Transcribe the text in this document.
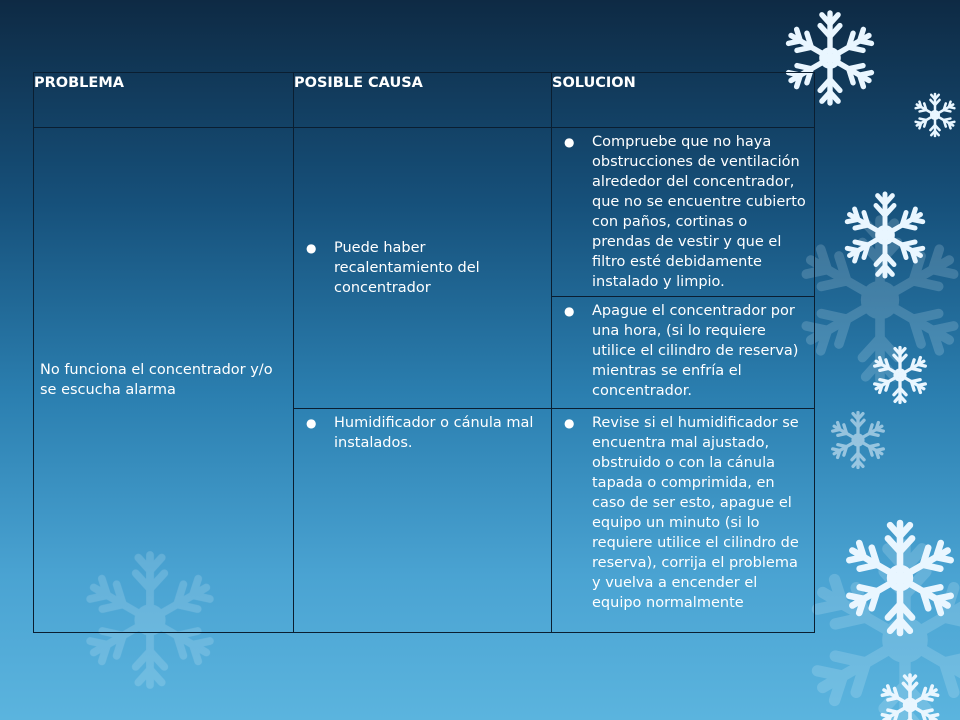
PROBLEMA	POSIBLE CAUSA	SOLUCION
No funciona el concentrador y/o se escucha alarma	● Puede haber recalentamiento del concentrador	● Compruebe que no haya obstrucciones de ventilación alrededor del concentrador, que no se encuentre cubierto con paños, cortinas o prendas de vestir y que el filtro esté debidamente instalado y limpio.

		● Apague el concentrador por una hora, (si lo requiere utilice el cilindro de reserva) mientras se enfría el concentrador.

	● Humidificador o cánula mal instalados.	● Revise si el humidificador se encuentra mal ajustado, obstruido o con la cánula tapada o comprimida, en caso de ser esto, apague el equipo un minuto (si lo requiere utilice el cilindro de reserva), corrija el problema y vuelva a encender el equipo normalmente
